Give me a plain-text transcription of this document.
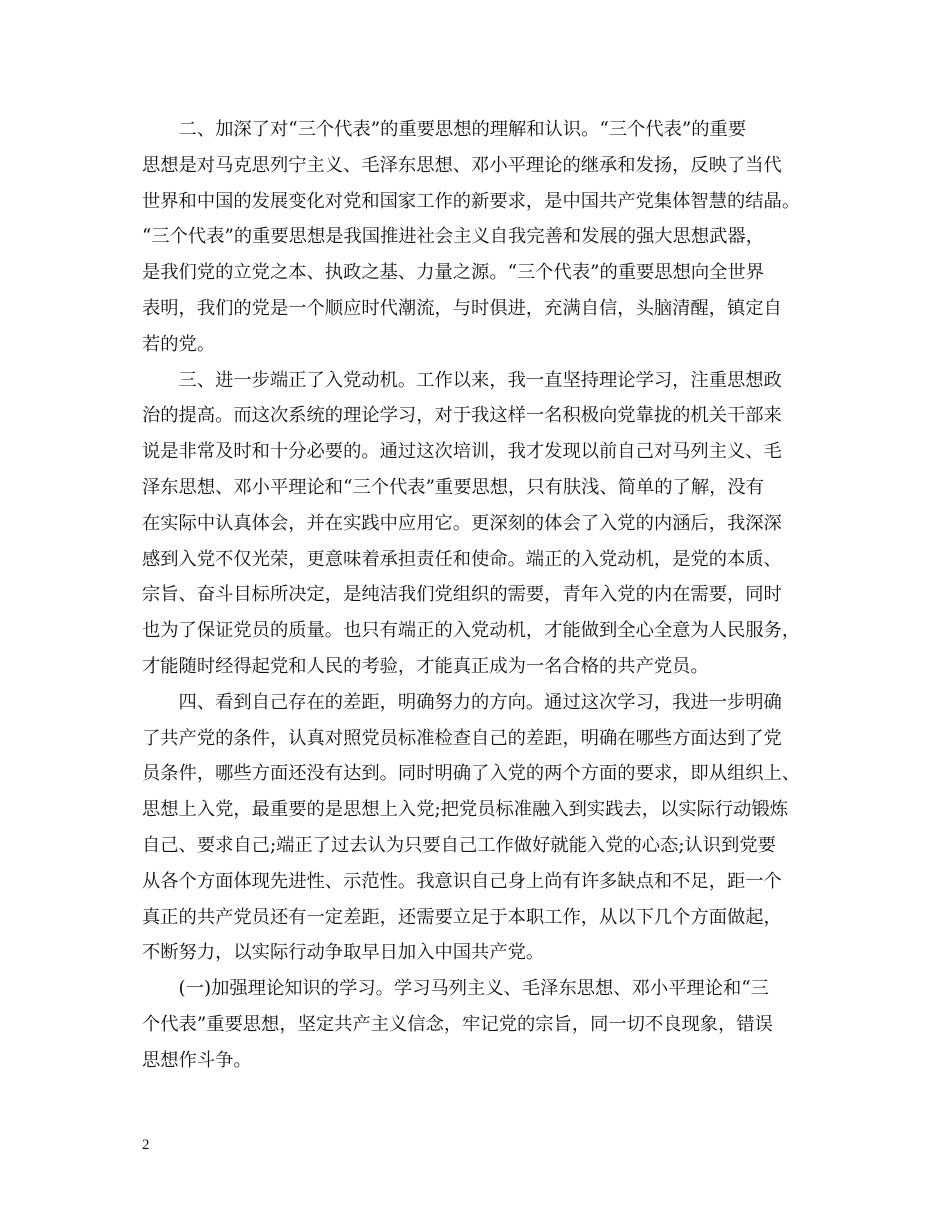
　　二、加深了对“三个代表”的重要思想的理解和认识。“三个代表”的重要
思想是对马克思列宁主义、毛泽东思想、邓小平理论的继承和发扬，反映了当代
世界和中国的发展变化对党和国家工作的新要求，是中国共产党集体智慧的结晶。
“三个代表”的重要思想是我国推进社会主义自我完善和发展的强大思想武器，
是我们党的立党之本、执政之基、力量之源。“三个代表”的重要思想向全世界
表明，我们的党是一个顺应时代潮流，与时俱进，充满自信，头脑清醒，镇定自
若的党。
　　三、进一步端正了入党动机。工作以来，我一直坚持理论学习，注重思想政
治的提高。而这次系统的理论学习，对于我这样一名积极向党靠拢的机关干部来
说是非常及时和十分必要的。通过这次培训，我才发现以前自己对马列主义、毛
泽东思想、邓小平理论和“三个代表”重要思想，只有肤浅、简单的了解，没有
在实际中认真体会，并在实践中应用它。更深刻的体会了入党的内涵后，我深深
感到入党不仅光荣，更意味着承担责任和使命。端正的入党动机，是党的本质、
宗旨、奋斗目标所决定，是纯洁我们党组织的需要，青年入党的内在需要，同时
也为了保证党员的质量。也只有端正的入党动机，才能做到全心全意为人民服务，
才能随时经得起党和人民的考验，才能真正成为一名合格的共产党员。
　　四、看到自己存在的差距，明确努力的方向。通过这次学习，我进一步明确
了共产党的条件，认真对照党员标准检查自己的差距，明确在哪些方面达到了党
员条件，哪些方面还没有达到。同时明确了入党的两个方面的要求，即从组织上、
思想上入党，最重要的是思想上入党;把党员标准融入到实践去，以实际行动锻炼
自己、要求自己;端正了过去认为只要自己工作做好就能入党的心态;认识到党要
从各个方面体现先进性、示范性。我意识自己身上尚有许多缺点和不足，距一个
真正的共产党员还有一定差距，还需要立足于本职工作，从以下几个方面做起，
不断努力，以实际行动争取早日加入中国共产党。
　　(一)加强理论知识的学习。学习马列主义、毛泽东思想、邓小平理论和“三
个代表”重要思想，坚定共产主义信念，牢记党的宗旨，同一切不良现象，错误
思想作斗争。
2
